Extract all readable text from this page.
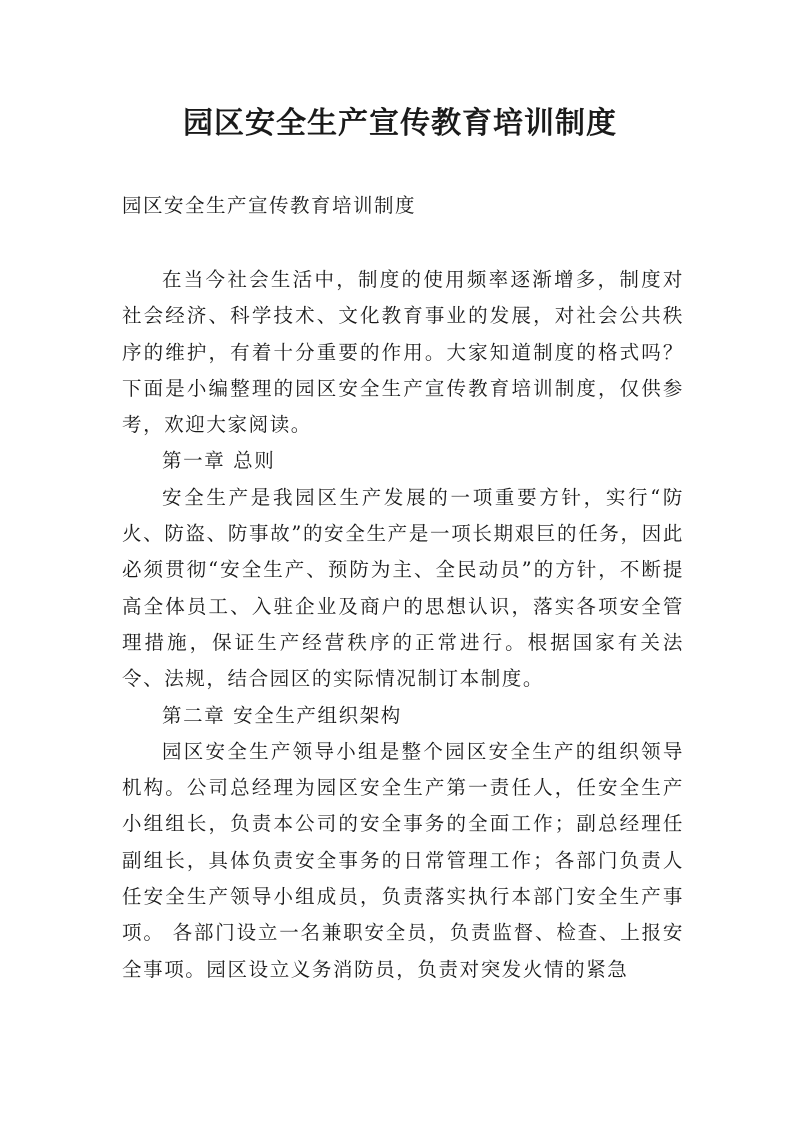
园区安全生产宣传教育培训制度

园区安全生产宣传教育培训制度

在当今社会生活中，制度的使用频率逐渐增多，制度对社会经济、科学技术、文化教育事业的发展，对社会公共秩序的维护，有着十分重要的作用。大家知道制度的格式吗？下面是小编整理的园区安全生产宣传教育培训制度，仅供参考，欢迎大家阅读。

第一章 总则

安全生产是我园区生产发展的一项重要方针，实行“防火、防盗、防事故”的安全生产是一项长期艰巨的任务，因此必须贯彻“安全生产、预防为主、全民动员”的方针，不断提高全体员工、入驻企业及商户的思想认识，落实各项安全管理措施，保证生产经营秩序的正常进行。根据国家有关法令、法规，结合园区的实际情况制订本制度。

第二章 安全生产组织架构

园区安全生产领导小组是整个园区安全生产的组织领导机构。公司总经理为园区安全生产第一责任人，任安全生产小组组长，负责本公司的安全事务的全面工作；副总经理任副组长，具体负责安全事务的日常管理工作；各部门负责人任安全生产领导小组成员，负责落实执行本部门安全生产事项。 各部门设立一名兼职安全员，负责监督、检查、上报安全事项。园区设立义务消防员，负责对突发火情的紧急
